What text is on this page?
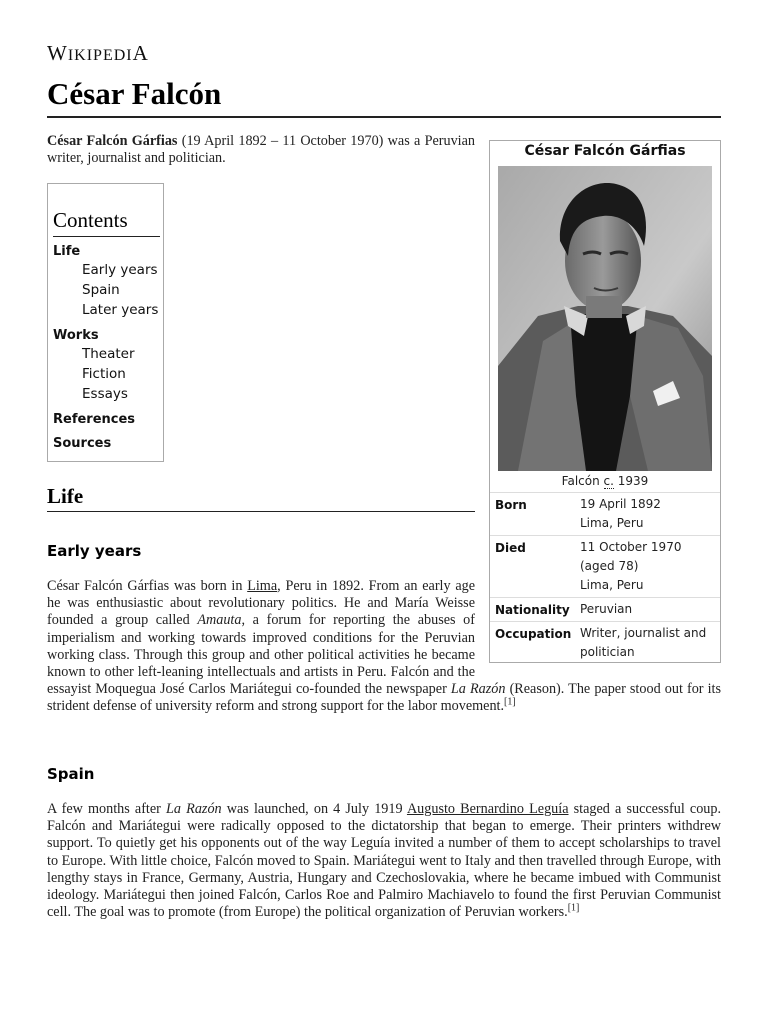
WIKIPEDIA
César Falcón
César Falcón Gárfias (19 April 1892 – 11 October 1970) was a Peruvian writer, journalist and politician.
Contents
Life
Early years
Spain
Later years
Works
Theater
Fiction
Essays
References
Sources
Life
Early years
César Falcón Gárfias was born in Lima, Peru in 1892. From an early age he was enthusiastic about revolutionary politics. He and María Weisse founded a group called Amauta, a forum for reporting the abuses of imperialism and working towards improved conditions for the Peruvian working class. Through this group and other political activities he became known to other left-leaning intellectuals and artists in Peru. Falcón and the essayist Moquegua José Carlos Mariátegui co-founded the newspaper La Razón (Reason). The paper stood out for its strident defense of university reform and strong support for the labor movement.[1]
Spain
A few months after La Razón was launched, on 4 July 1919 Augusto Bernardino Leguía staged a successful coup. Falcón and Mariátegui were radically opposed to the dictatorship that began to emerge. Their printers withdrew support. To quietly get his opponents out of the way Leguía invited a number of them to accept scholarships to travel to Europe. With little choice, Falcón moved to Spain. Mariátegui went to Italy and then travelled through Europe, with lengthy stays in France, Germany, Austria, Hungary and Czechoslovakia, where he became imbued with Communist ideology. Mariátegui then joined Falcón, Carlos Roe and Palmiro Machiavelo to found the first Peruvian Communist cell. The goal was to promote (from Europe) the political organization of Peruvian workers.[1]
César Falcón Gárfias
Falcón c. 1939
Born	19 April 1892
Lima, Peru
Died	11 October 1970
(aged 78)
Lima, Peru
Nationality Peruvian
Occupation Writer, journalist and
politician
